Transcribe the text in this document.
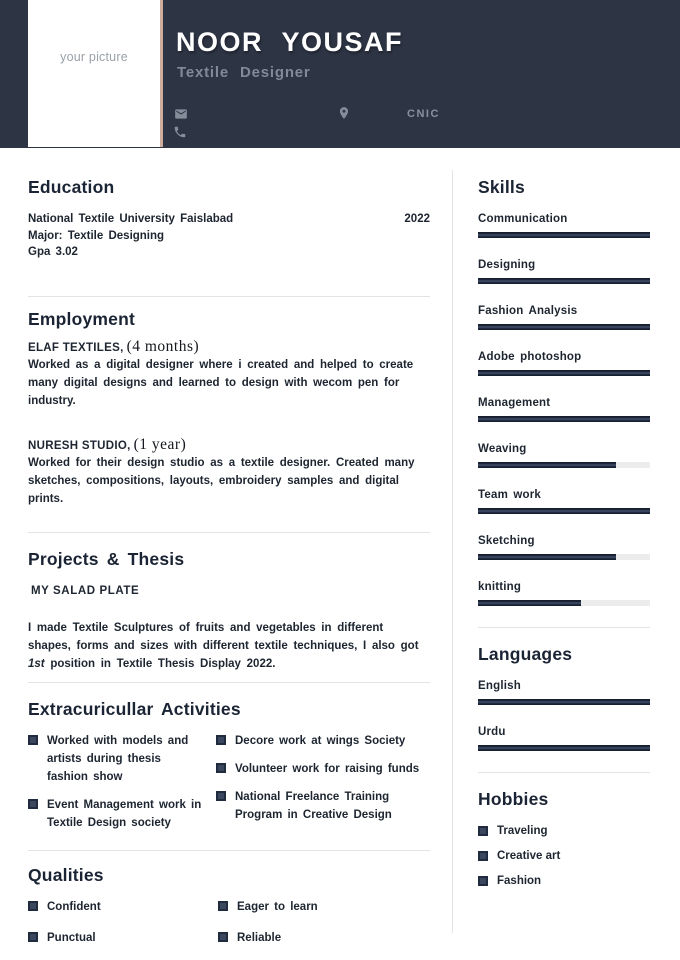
your picture NOOR YOUSAF
Textile Designer
CNIC
Education
National Textile University Faislabad	2022
Major: Textile Designing
Gpa 3.02
Employment
ELAF TEXTILES, (4 months)
Worked as a digital designer where i created and helped to create many digital designs and learned to design with wecom pen for industry.
NURESH STUDIO, (1 year)
Worked for their design studio as a textile designer. Created many sketches, compositions, layouts, embroidery samples and digital prints.
Projects & Thesis
MY SALAD PLATE
I made Textile Sculptures of fruits and vegetables in different shapes, forms and sizes with different textile techniques, I also got 1st position in Textile Thesis Display 2022.
Extracuricullar Activities
Worked with models and artists during thesis fashion show
Event Management work in Textile Design society
Decore work at wings Society
Volunteer work for raising funds
National Freelance Training Program in Creative Design
Qualities
Confident
Punctual
Eager to learn
Reliable
Skills
Communication
Designing
Fashion Analysis
Adobe photoshop
Management
Weaving
Team work
Sketching
knitting
Languages
English
Urdu
Hobbies
Traveling
Creative art
Fashion
